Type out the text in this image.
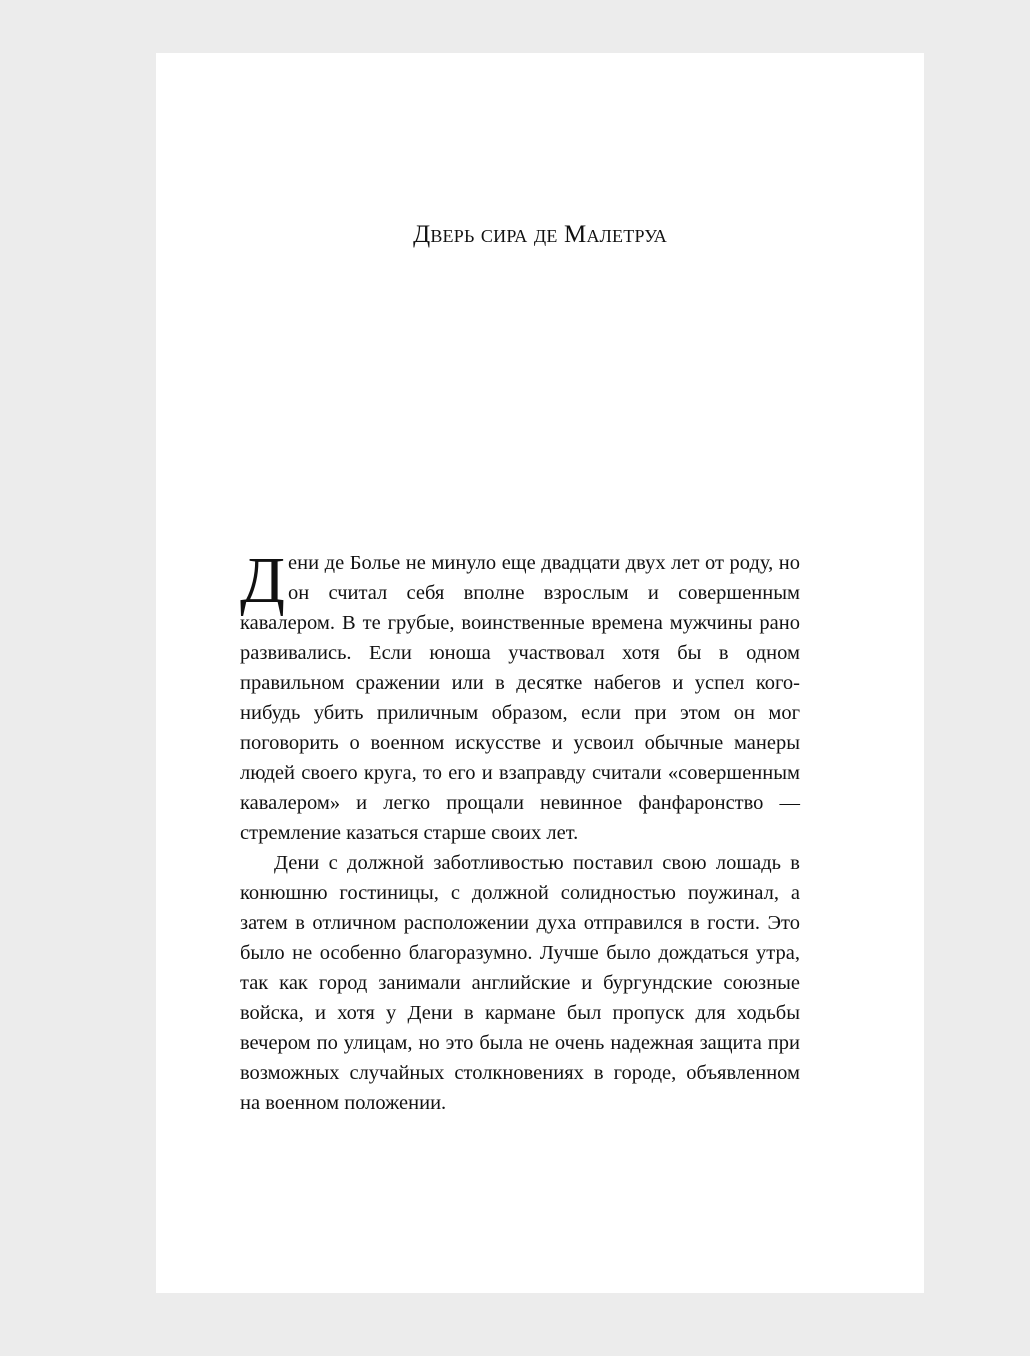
Дверь сира де Малетруа

Дени де Болье не минуло еще двадцати двух лет от роду, но он считал себя вполне взрослым и совершенным кавалером. В те грубые, воинственные времена мужчины рано развивались. Если юноша участвовал хотя бы в одном правильном сражении или в десятке набегов и успел кого-нибудь убить приличным образом, если при этом он мог поговорить о военном искусстве и усвоил обычные манеры людей своего круга, то его и взаправду считали «совершенным кавалером» и легко прощали невинное фанфаронство — стремление казаться старше своих лет.

Дени с должной заботливостью поставил свою лошадь в конюшню гостиницы, с должной солидностью поужинал, а затем в отличном расположении духа отправился в гости. Это было не особенно благоразумно. Лучше было дождаться утра, так как город занимали английские и бургундские союзные войска, и хотя у Дени в кармане был пропуск для ходьбы вечером по улицам, но это была не очень надежная защита при возможных случайных столкновениях в городе, объявленном на военном положении.
